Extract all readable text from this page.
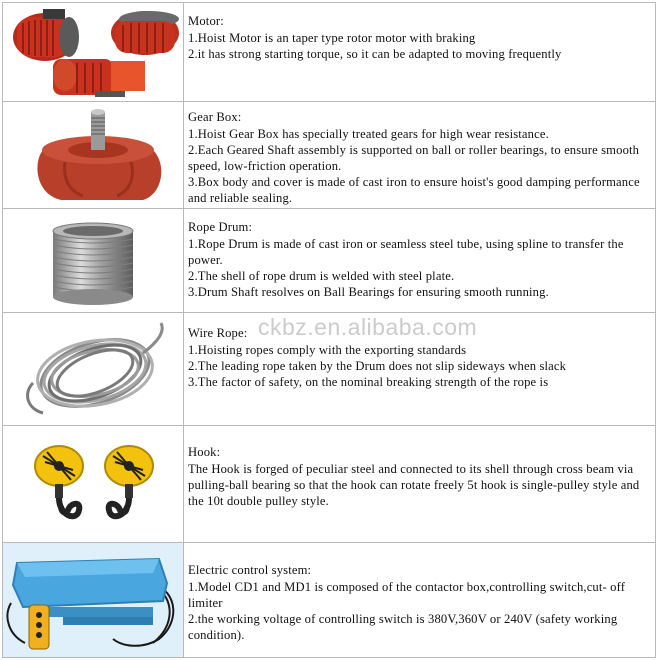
Motor:

1.Hoist Motor is an taper type rotor motor with braking

2.it has strong starting torque, so it can be adapted to moving frequently

Gear Box:

1.Hoist Gear Box has specially treated gears for high wear resistance.

2.Each Geared Shaft assembly is supported on ball or roller bearings, to ensure smooth speed, low-friction operation.

3.Box body and cover is made of cast iron to ensure hoist's good damping performance and reliable sealing.

Rope Drum:

1.Rope Drum is made of cast iron or seamless steel tube, using spline to transfer the power.

2.The shell of rope drum is welded with steel plate.

3.Drum Shaft resolves on Ball Bearings for ensuring smooth running.

Wire Rope:

1.Hoisting ropes comply with the exporting standards

2.The leading rope taken by the Drum does not slip sideways when slack

3.The factor of safety, on the nominal breaking strength of the rope is

Hook:

The Hook is forged of peculiar steel and connected to its shell through cross beam via pulling-ball bearing so that the hook can rotate freely 5t hook is single-pulley style and the 10t double pulley style.

Electric control system:

1.Model CD1 and MD1 is composed of the contactor box,controlling switch,cut- off limiter

2.the working voltage of controlling switch is 380V,360V or 240V (safety working condition).

ckbz.en.alibaba.com
